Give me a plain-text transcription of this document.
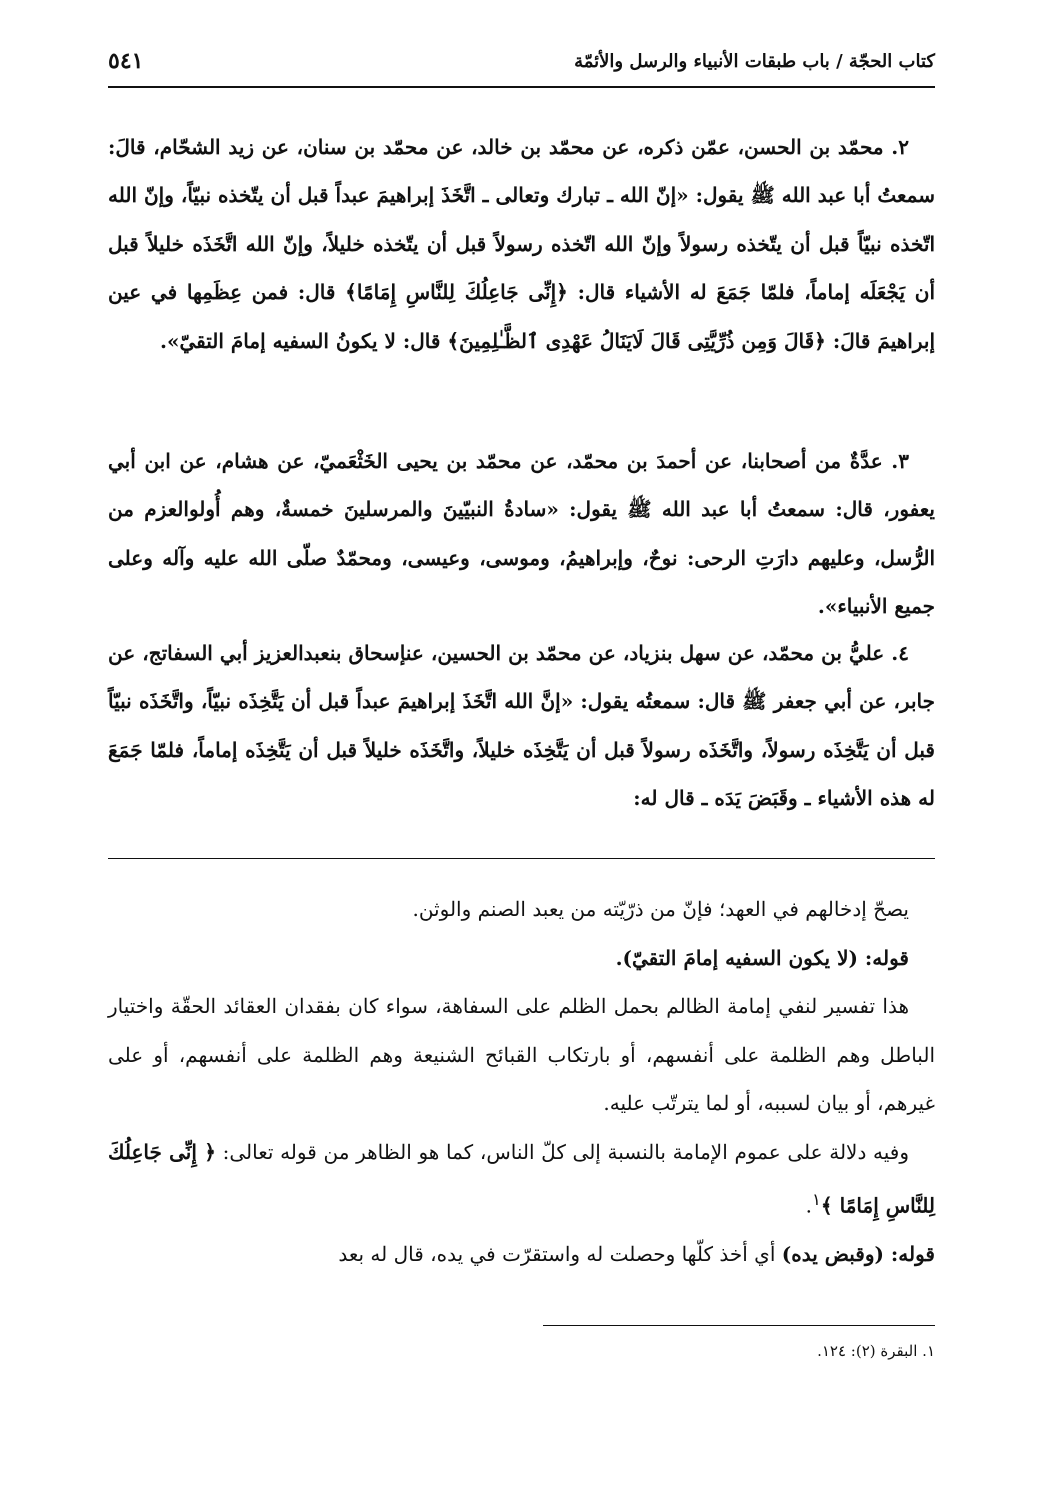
كتاب الحجّة / باب طبقات الأنبياء والرسل والأئمّة
٥٤١

٢. محمّد بن الحسن، عمّن ذكره، عن محمّد بن خالد، عن محمّد بن سنان، عن زيد الشحّام، قالَ: سمعتُ أبا عبد الله ﷺ يقول: «إنّ الله ـ تبارك وتعالى ـ اتَّخَذَ إبراهيمَ عبداً قبل أن يتّخذه نبيّاً، وإنّ الله اتّخذه نبيّاً قبل أن يتّخذه رسولاً وإنّ الله اتّخذه رسولاً قبل أن يتّخذه خليلاً، وإنّ الله اتَّخَذَه خليلاً قبل أن يَجْعَلَه إماماً، فلمّا جَمَعَ له الأشياء قال: ﴿إِنِّى جَاعِلُكَ لِلنَّاسِ إِمَامًا﴾ قال: فمن عِظَمِها في عين إبراهيمَ قالَ: ﴿قَالَ وَمِن ذُرِّيَّتِى قَالَ لَايَنَالُ عَهْدِى ٱلظَّـٰلِمِينَ﴾ قال: لا يكونُ السفيه إمامَ التقيّ».

٣. عدَّةٌ من أصحابنا، عن أحمدَ بن محمّد، عن محمّد بن يحيى الخَثْعَميّ، عن هشام، عن ابن أبي يعفور، قال: سمعتُ أبا عبد الله ﷺ يقول: «سادةُ النبيّينَ والمرسلينَ خمسةٌ، وهم أُولوالعزم من الرُّسل، وعليهم دارَتِ الرحى: نوحٌ، وإبراهيمُ، وموسى، وعيسى، ومحمّدٌ صلّى الله عليه وآله وعلى جميع الأنبياء».

٤. عليُّ بن محمّد، عن سهل بنزياد، عن محمّد بن الحسين، عنإسحاق بنعبدالعزيز أبي السفاتج، عن جابر، عن أبي جعفر ﷺ قال: سمعتُه يقول: «إنَّ الله اتَّخَذَ إبراهيمَ عبداً قبل أن يَتَّخِذَه نبيّاً، واتَّخَذَه نبيّاً قبل أن يَتَّخِذَه رسولاً، واتَّخَذَه رسولاً قبل أن يَتَّخِذَه خليلاً، واتَّخَذَه خليلاً قبل أن يَتَّخِذَه إماماً، فلمّا جَمَعَ له هذه الأشياء ـ وقَبَضَ يَدَه ـ قال له:

يصحّ إدخالهم في العهد؛ فإنّ من ذرّيّته من يعبد الصنم والوثن.

قوله: (لا يكون السفيه إمامَ التقيّ).

هذا تفسير لنفي إمامة الظالم بحمل الظلم على السفاهة، سواء كان بفقدان العقائد الحقّة واختيار الباطل وهم الظلمة على أنفسهم، أو بارتكاب القبائح الشنيعة وهم الظلمة على أنفسهم، أو على غيرهم، أو بيان لسببه، أو لما يترتّب عليه.

وفيه دلالة على عموم الإمامة بالنسبة إلى كلّ الناس، كما هو الظاهر من قوله تعالى: ﴿ إِنِّى جَاعِلُكَ لِلنَّاسِ إِمَامًا ﴾$^١$.

قوله: (وقبض يده) أي أخذ كلّها وحصلت له واستقرّت في يده، قال له بعد

١. البقرة (٢): ١٢٤.
